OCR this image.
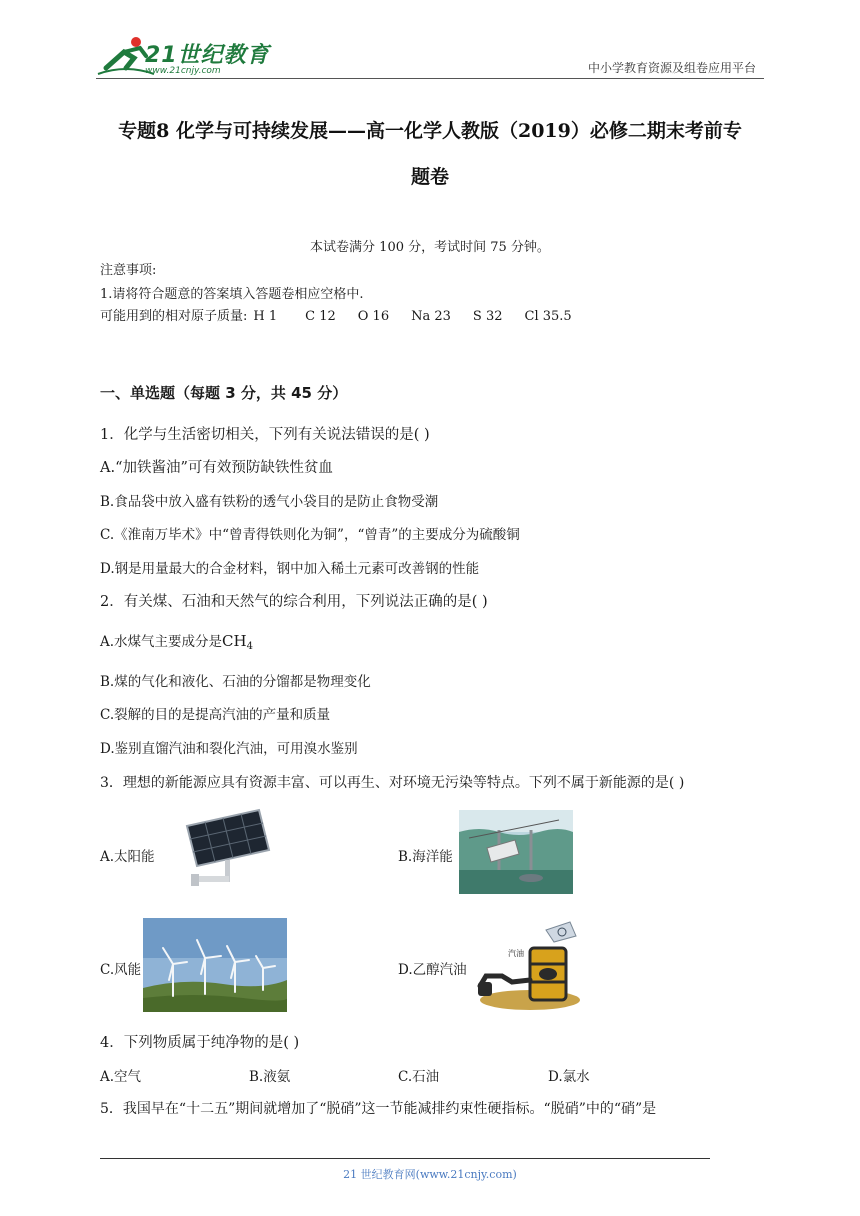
21世纪教育
www.21cnjy.com	中小学教育资源及组卷应用平台
专题8 化学与可持续发展——高一化学人教版（2019）必修二期末考前专
题卷
本试卷满分 100 分，考试时间 75 分钟。
注意事项:
1.请将符合题意的答案填入答题卷相应空格中.
可能用到的相对原子质量: H 1 C 12 O 16 Na 23 S 32 Cl 35.5
一、单选题（每题 3 分，共 45 分）
1．化学与生活密切相关，下列有关说法错误的是( )
A.“加铁酱油”可有效预防缺铁性贫血
B.食品袋中放入盛有铁粉的透气小袋目的是防止食物受潮
C.《淮南万毕术》中“曾青得铁则化为铜”，“曾青”的主要成分为硫酸铜
D.钢是用量最大的合金材料，钢中加入稀土元素可改善钢的性能
2．有关煤、石油和天然气的综合利用，下列说法正确的是( )
A.水煤气主要成分是$CH_4$
B.煤的气化和液化、石油的分馏都是物理变化
C.裂解的目的是提高汽油的产量和质量
D.鉴别直馏汽油和裂化汽油，可用溴水鉴别
3．理想的新能源应具有资源丰富、可以再生、对环境无污染等特点。下列不属于新能源的是( )
A.太阳能	B.海洋能
C.风能	D.乙醇汽油
汽油
4．下列物质属于纯净物的是( )
A.空气	B.液氨	C.石油	D.氯水
5．我国早在“十二五”期间就增加了“脱硝”这一节能减排约束性硬指标。“脱硝”中的“硝”是
21 世纪教育网(www.21cnjy.com)
